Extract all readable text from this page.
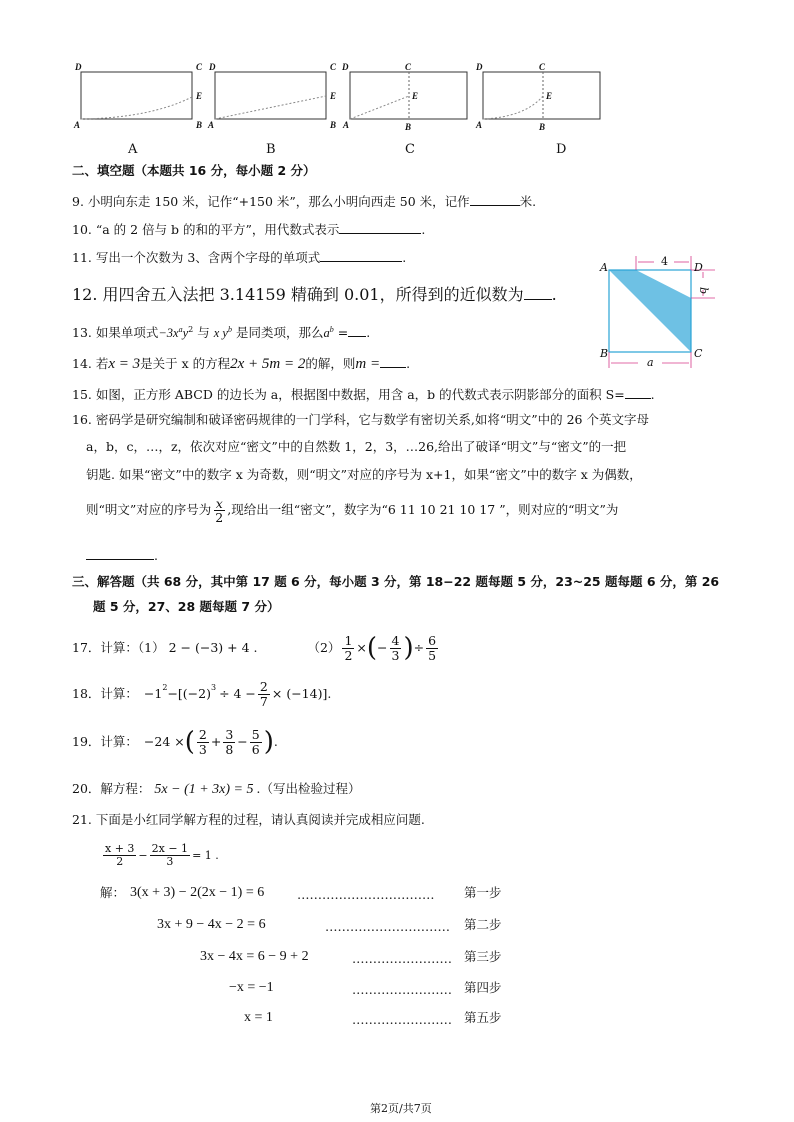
D	C
E
A	B
D	C
E
A	B
D	C
E
A	B
D	C
E
A	B
A	B	C	D
二、填空题（本题共 16 分，每小题 2 分）
9. 小明向东走 150 米，记作“+150 米”，那么小明向西走 50 米，记作	米.
10. “a 的 2 倍与 b 的和的平方”，用代数式表示	.
11. 写出一个次数为 3、含两个字母的单项式	.
12. 用四舍五入法把 3.14159 精确到 0.01，所得到的近似数为 .
13. 如果单项式$-3x^ay^2$ 与 x $y^b$ 是同类项，那么$a^b$ = .
14. 若x = 3是关于 x 的方程2x + 5m = 2的解，则m = .
15. 如图，正方形 ABCD 的边长为 a，根据图中数据，用含 a，b 的代数式表示阴影部分的面积 S= .
A	D
B	C
4
b
a
16. 密码学是研究编制和破译密码规律的一门学科，它与数学有密切关系,如将“明文”中的 26 个英文字母
a，b，c，…，z，依次对应“密文”中的自然数 1，2，3，…26,给出了破译“明文”与“密文”的一把
钥匙. 如果“密文”中的数字 x 为奇数，则“明文”对应的序号为 x+1，如果“密文”中的数字 x 为偶数，
则“明文”对应的序号为 $\frac{x}{2}$ ,现给出一组“密文”，数字为“6 11 10 21 10 17 ”，则对应的“明文”为
.
三、解答题（共 68 分，其中第 17 题 6 分，每小题 3 分，第 18−22 题每题 5 分，23~25 题每题 6 分，第 26
题 5 分，27、28 题每题 7 分）
17．计算：（1） 2 − (−3) + 4 .	$(2) \frac{1}{2}$ × ( − $\frac{4}{3}$ ) ÷ $\frac{6}{5}$
18．计算： $-1^2 -[(-2)^3 \div 4 - \frac{2}{7} \times (-14)]$.
19．计算： −24 × ( $\frac{2}{3} + \frac{3}{8} - \frac{5}{6}$ ) .
20．解方程： 5x − (1 + 3x) = 5 .（写出检验过程）
21. 下面是小红同学解方程的过程，请认真阅读并完成相应问题.
$\frac{x + 3}{2} - \frac{2x - 1}{3} = 1$ .
解： 3(x + 3) − 2(2x − 1) = 6	…………………………… 第一步
3x + 9 − 4x − 2 = 6	………………………… 第二步
3x − 4x = 6 − 9 + 2	…………………… 第三步
−x = −1	…………………… 第四步
x = 1	…………………… 第五步
第2页/共7页
